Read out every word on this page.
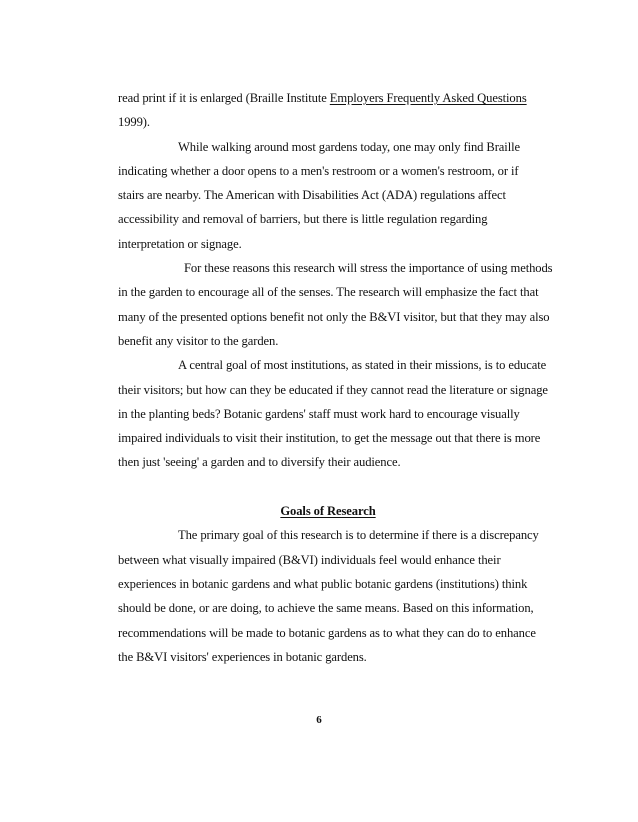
read print if it is enlarged (Braille Institute Employers Frequently Asked Questions
1999).
While walking around most gardens today, one may only find Braille
indicating whether a door opens to a men's restroom or a women's restroom, or if
stairs are nearby. The American with Disabilities Act (ADA) regulations affect
accessibility and removal of barriers, but there is little regulation regarding
interpretation or signage.
For these reasons this research will stress the importance of using methods
in the garden to encourage all of the senses. The research will emphasize the fact that
many of the presented options benefit not only the B&VI visitor, but that they may also
benefit any visitor to the garden.
A central goal of most institutions, as stated in their missions, is to educate
their visitors; but how can they be educated if they cannot read the literature or signage
in the planting beds? Botanic gardens' staff must work hard to encourage visually
impaired individuals to visit their institution, to get the message out that there is more
then just 'seeing' a garden and to diversify their audience.
Goals of Research
The primary goal of this research is to determine if there is a discrepancy
between what visually impaired (B&VI) individuals feel would enhance their
experiences in botanic gardens and what public botanic gardens (institutions) think
should be done, or are doing, to achieve the same means. Based on this information,
recommendations will be made to botanic gardens as to what they can do to enhance
the B&VI visitors' experiences in botanic gardens.
6
